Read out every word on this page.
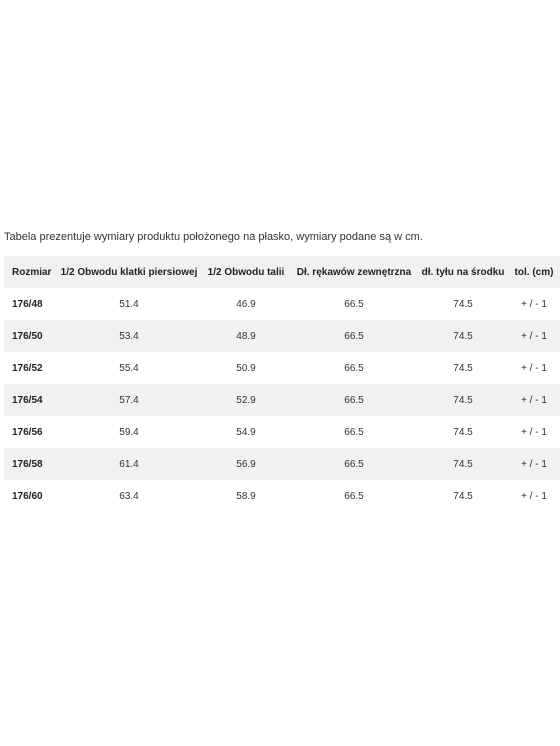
Tabela prezentuje wymiary produktu położonego na płasko, wymiary podane są w cm.
Rozmiar	1/2 Obwodu klatki piersiowej	1/2 Obwodu talii	Dł. rękawów zewnętrzna	dł. tyłu na środku	tol. (cm)
176/48	51.4	46.9	66.5	74.5	+ / - 1
176/50	53.4	48.9	66.5	74.5	+ / - 1
176/52	55.4	50.9	66.5	74.5	+ / - 1
176/54	57.4	52.9	66.5	74.5	+ / - 1
176/56	59.4	54.9	66.5	74.5	+ / - 1
176/58	61.4	56.9	66.5	74.5	+ / - 1
176/60	63.4	58.9	66.5	74.5	+ / - 1
